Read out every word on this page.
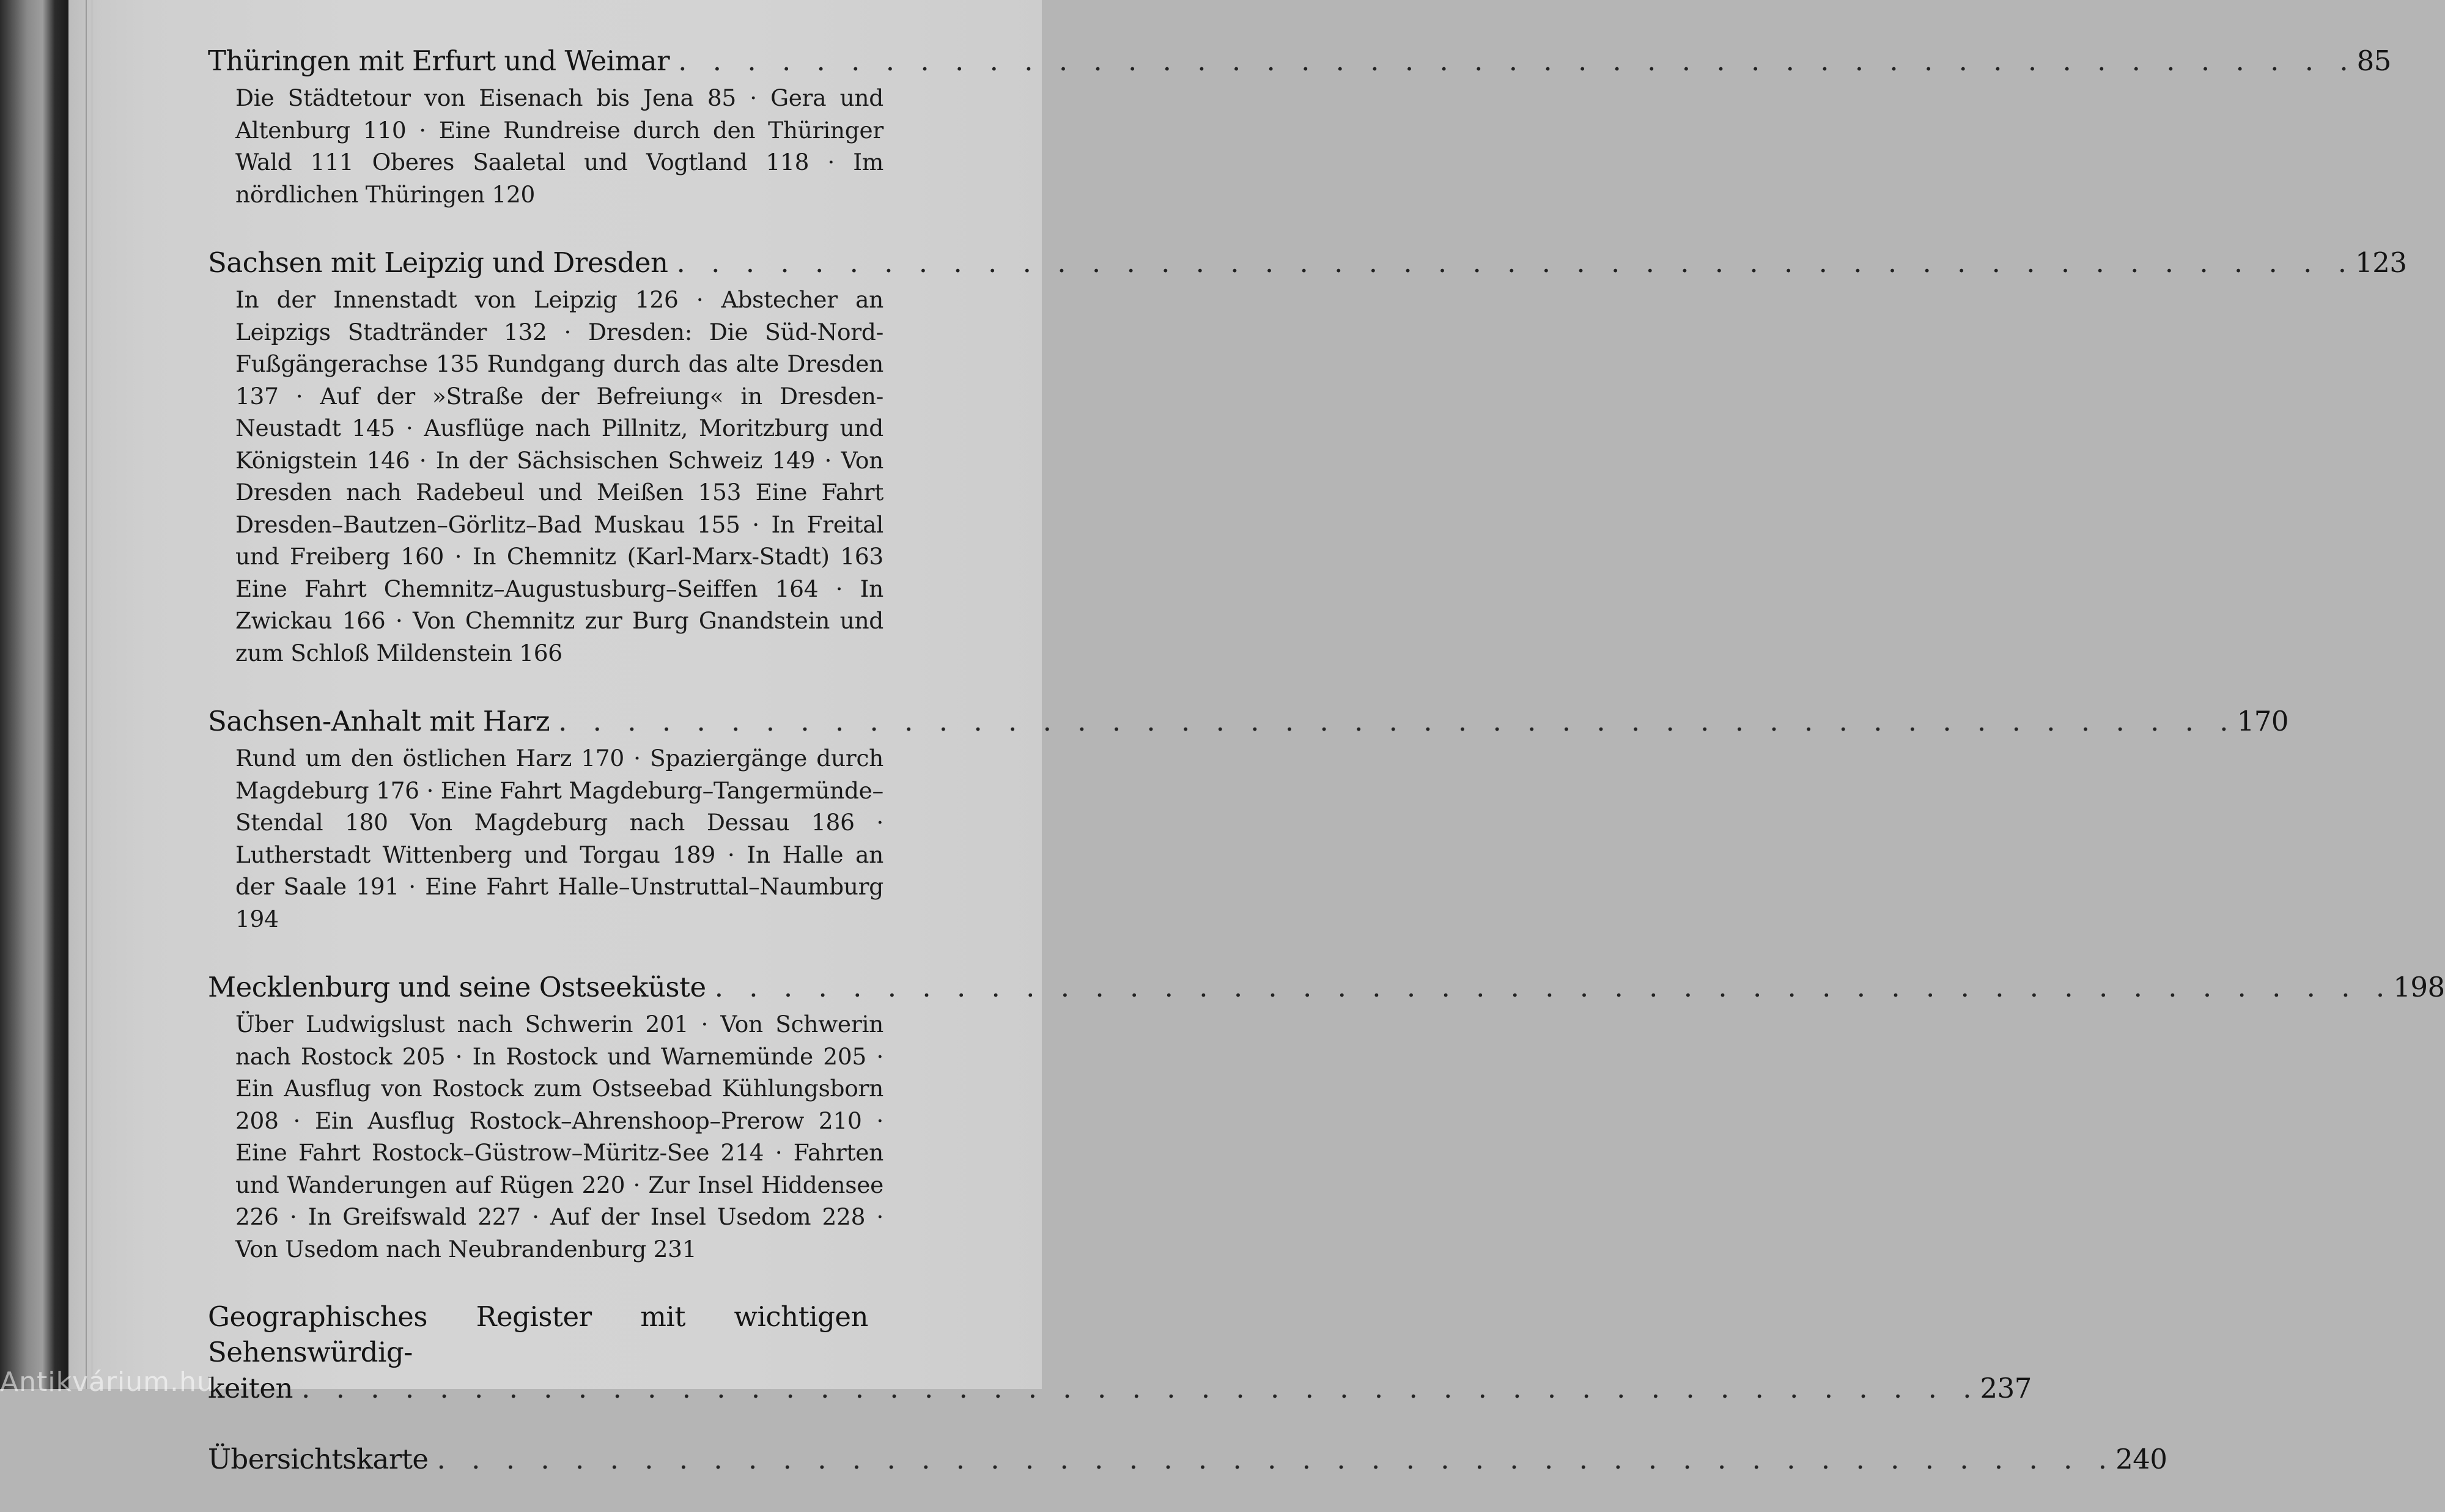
Thüringen mit Erfurt und Weimar . . . . . . . . . . . . . . . . . . . . . . . . . . . . . . . . . . . . . . . . . . . . . . . . . 85
Die Städtetour von Eisenach bis Jena 85 · Gera und Altenburg 110 · Eine Rundreise durch den Thüringer Wald 111 Oberes Saaletal und Vogtland 118 · Im nördlichen Thüringen 120
Sachsen mit Leipzig und Dresden . . . . . . . . . . . . . . . . . . . . . . . . . . . . . . . . . . . . . . . . . . . . . . . . . 123
In der Innenstadt von Leipzig 126 · Abstecher an Leipzigs Stadtränder 132 · Dresden: Die Süd-Nord-Fußgängerachse 135 Rundgang durch das alte Dresden 137 · Auf der »Straße der Befreiung« in Dresden-Neustadt 145 · Ausflüge nach Pillnitz, Moritzburg und Königstein 146 · In der Sächsischen Schweiz 149 · Von Dresden nach Radebeul und Meißen 153 Eine Fahrt Dresden–Bautzen–Görlitz–Bad Muskau 155 · In Freital und Freiberg 160 · In Chemnitz (Karl-Marx-Stadt) 163 Eine Fahrt Chemnitz–Augustusburg–Seiffen 164 · In Zwickau 166 · Von Chemnitz zur Burg Gnandstein und zum Schloß Mildenstein 166
Sachsen-Anhalt mit Harz . . . . . . . . . . . . . . . . . . . . . . . . . . . . . . . . . . . . . . . . . . . . . . . . . 170
Rund um den östlichen Harz 170 · Spaziergänge durch Magdeburg 176 · Eine Fahrt Magdeburg–Tangermünde–Stendal 180 Von Magdeburg nach Dessau 186 · Lutherstadt Wittenberg und Torgau 189 · In Halle an der Saale 191 · Eine Fahrt Halle–Unstruttal–Naumburg 194
Mecklenburg und seine Ostseeküste . . . . . . . . . . . . . . . . . . . . . . . . . . . . . . . . . . . . . . . . . . . . . . . . . 198
Über Ludwigslust nach Schwerin 201 · Von Schwerin nach Rostock 205 · In Rostock und Warnemünde 205 · Ein Ausflug von Rostock zum Ostseebad Kühlungsborn 208 · Ein Ausflug Rostock–Ahrenshoop–Prerow 210 · Eine Fahrt Rostock–Güstrow–Müritz-See 214 · Fahrten und Wanderungen auf Rügen 220 · Zur Insel Hiddensee 226 · In Greifswald 227 · Auf der Insel Usedom 228 · Von Usedom nach Neubrandenburg 231
Geographisches Register mit wichtigen Sehenswürdig-
keiten . . . . . . . . . . . . . . . . . . . . . . . . . . . . . . . . . . . . . . . . . . . . . . . . . 237
Übersichtskarte . . . . . . . . . . . . . . . . . . . . . . . . . . . . . . . . . . . . . . . . . . . . . . . . . 240
Antikvárium.hu
